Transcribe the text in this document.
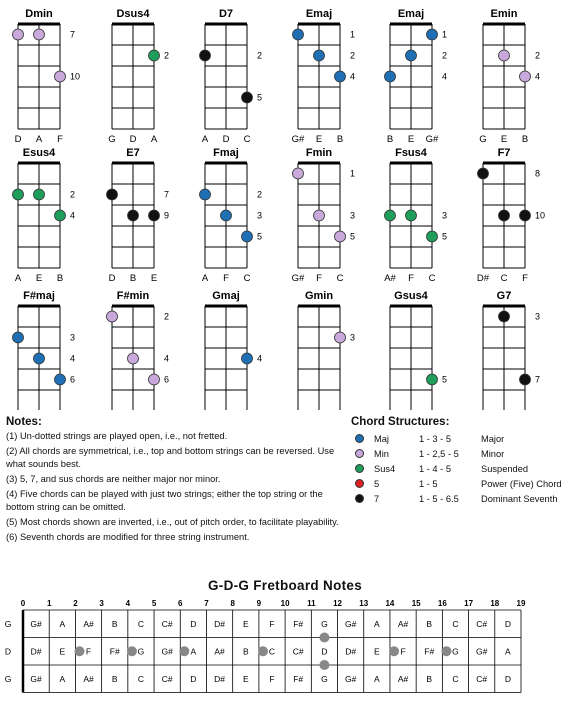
Dmin
7
10
D A F
Dsus4
2
G D A
D7
2
5
A D C
Emaj
1
2
4
G# E B
Emaj
1
2
4
B E G#
Emin
2
4
G E B
Esus4
2
4
A E B
E7
7
9
D B E
Fmaj
2
3
5
A F C
Fmin
1
3
5
G# F C
Fsus4
3
5
A# F C
F7
8
10
D# C F
F#maj
3
4
6
F#min
2
4
6
Gmaj
4
Gmin
3
Gsus4
5
G7
3
7
Notes:
(1) Un-dotted strings are played open, i.e., not fretted.
(2) All chords are symmetrical, i.e., top and bottom strings can be reversed. Use what sounds best.
(3) 5, 7, and sus chords are neither major nor minor.
(4) Five chords can be played with just two strings; either the top string or the bottom string can be omitted.
(5) Most chords shown are inverted, i.e., out of pitch order, to facilitate playability.
(6) Seventh chords are modified for three string instrument.
Chord Structures:
Maj	1 - 3 - 5	Major
Min	1 - 2,5 - 5	Minor
Sus4	1 - 4 - 5	Suspended
5	1 - 5	Power (Five) Chord
7	1 - 5 - 6.5	Dominant Seventh
G-D-G Fretboard Notes
0	1	2	3	4	5	6	7	8	9 10 11 12 13 14 15 16 17 18 19
G G# A A# B C C# D D# E F F# G G# A A# B C C# D
D D# E F F# G G# A A# B C C# D D# E F F# G G# A
G G# A A# B C C# D D# E F F# G G# A A# B C C# D
